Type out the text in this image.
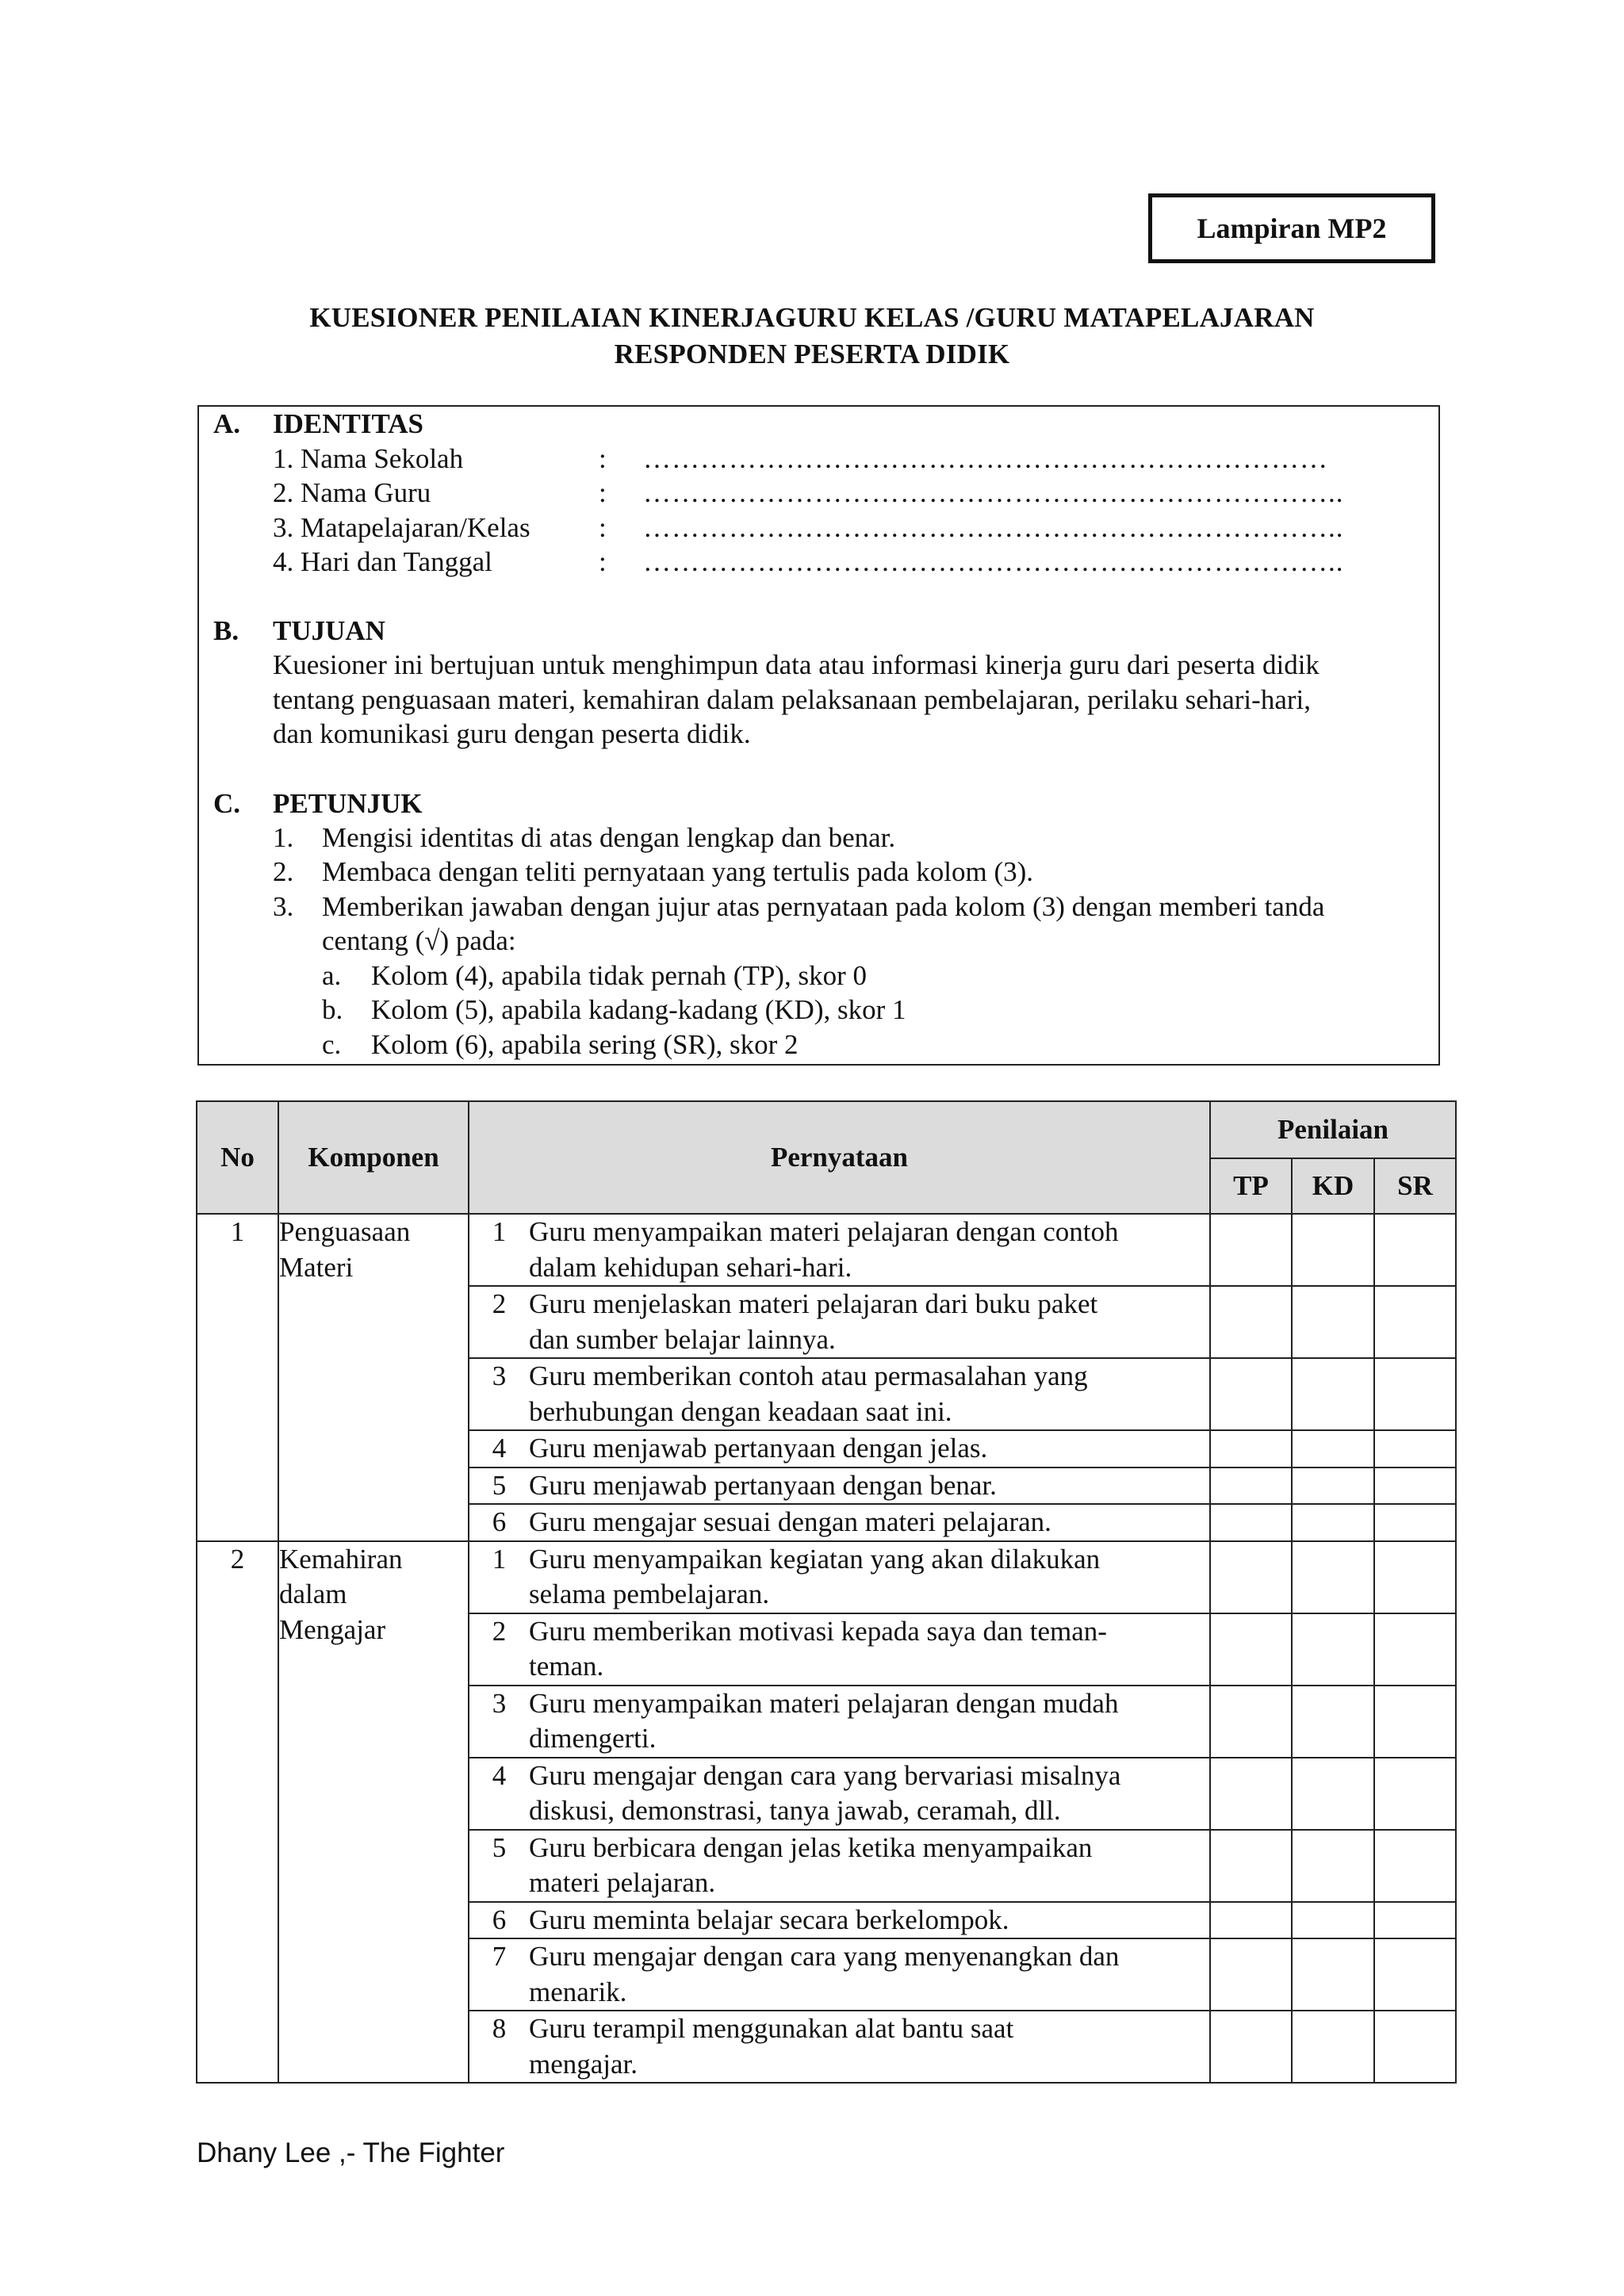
Lampiran MP2
KUESIONER PENILAIAN KINERJAGURU KELAS /GURU MATAPELAJARAN
RESPONDEN PESERTA DIDIK
A. IDENTITAS
1. Nama Sekolah	: ………………………………………………………………
2. Nama Guru	: ………………………………………………………………..
3. Matapelajaran/Kelas : ………………………………………………………………..
4. Hari dan Tanggal	: ………………………………………………………………..
B. TUJUAN
Kuesioner ini bertujuan untuk menghimpun data atau informasi kinerja guru dari peserta didik
tentang penguasaan materi, kemahiran dalam pelaksanaan pembelajaran, perilaku sehari-hari,
dan komunikasi guru dengan peserta didik.
C. PETUNJUK
1. Mengisi identitas di atas dengan lengkap dan benar.
2. Membaca dengan teliti pernyataan yang tertulis pada kolom (3).
3. Memberikan jawaban dengan jujur atas pernyataan pada kolom (3) dengan memberi tanda
centang (√) pada:
a. Kolom (4), apabila tidak pernah (TP), skor 0
b. Kolom (5), apabila kadang-kadang (KD), skor 1
c. Kolom (6), apabila sering (SR), skor 2
No	Komponen	Pernyataan		Penilaian		
				TP	KD	SR
1	Penguasaan
Materi	1	Guru menyampaikan materi pelajaran dengan contoh
dalam kehidupan sehari-hari.			

		2	Guru menjelaskan materi pelajaran dari buku paket
dan sumber belajar lainnya.			

		3	Guru memberikan contoh atau permasalahan yang
berhubungan dengan keadaan saat ini.			

		4	Guru menjawab pertanyaan dengan jelas.			

		5	Guru menjawab pertanyaan dengan benar.			

		6	Guru mengajar sesuai dengan materi pelajaran.			

2	Kemahiran
dalam
Mengajar	1	Guru menyampaikan kegiatan yang akan dilakukan
selama pembelajaran.			

		2	Guru memberikan motivasi kepada saya dan teman-
teman.			

		3	Guru menyampaikan materi pelajaran dengan mudah
dimengerti.			

		4	Guru mengajar dengan cara yang bervariasi misalnya
diskusi, demonstrasi, tanya jawab, ceramah, dll.			

		5	Guru berbicara dengan jelas ketika menyampaikan
materi pelajaran.			

		6	Guru meminta belajar secara berkelompok.			

		7	Guru mengajar dengan cara yang menyenangkan dan
menarik.			

		8	Guru terampil menggunakan alat bantu saat
mengajar.			

Dhany Lee ,- The Fighter
